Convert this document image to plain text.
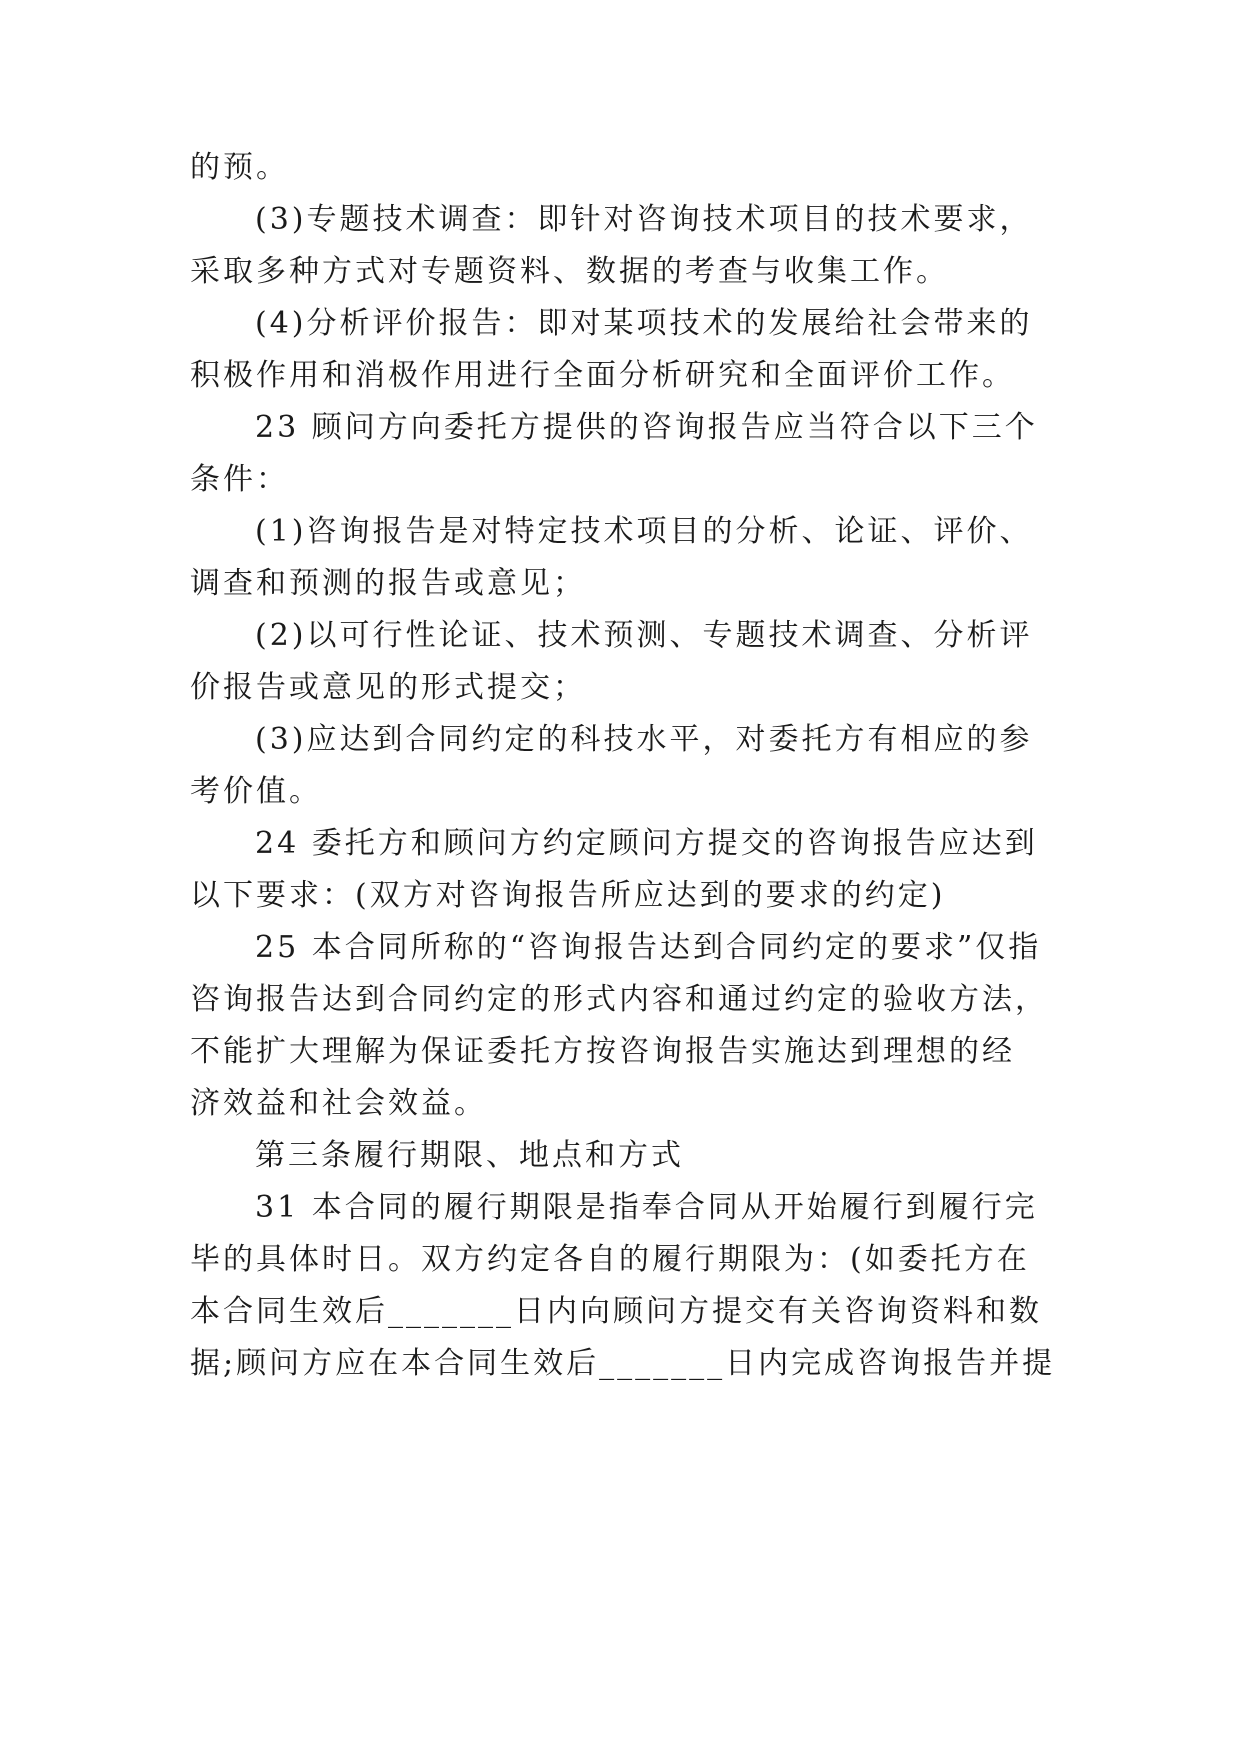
的预。
(3)专题技术调查：即针对咨询技术项目的技术要求，
采取多种方式对专题资料、数据的考查与收集工作。
(4)分析评价报告：即对某项技术的发展给社会带来的
积极作用和消极作用进行全面分析研究和全面评价工作。
23 顾问方向委托方提供的咨询报告应当符合以下三个
条件：
(1)咨询报告是对特定技术项目的分析、论证、评价、
调查和预测的报告或意见；
(2)以可行性论证、技术预测、专题技术调查、分析评
价报告或意见的形式提交；
(3)应达到合同约定的科技水平，对委托方有相应的参
考价值。
24 委托方和顾问方约定顾问方提交的咨询报告应达到
以下要求：(双方对咨询报告所应达到的要求的约定)
25 本合同所称的“咨询报告达到合同约定的要求”仅指
咨询报告达到合同约定的形式内容和通过约定的验收方法，
不能扩大理解为保证委托方按咨询报告实施达到理想的经
济效益和社会效益。
第三条履行期限、地点和方式
31 本合同的履行期限是指奉合同从开始履行到履行完
毕的具体时日。双方约定各自的履行期限为：(如委托方在
本合同生效后_______日内向顾问方提交有关咨询资料和数
据;顾问方应在本合同生效后_______日内完成咨询报告并提
